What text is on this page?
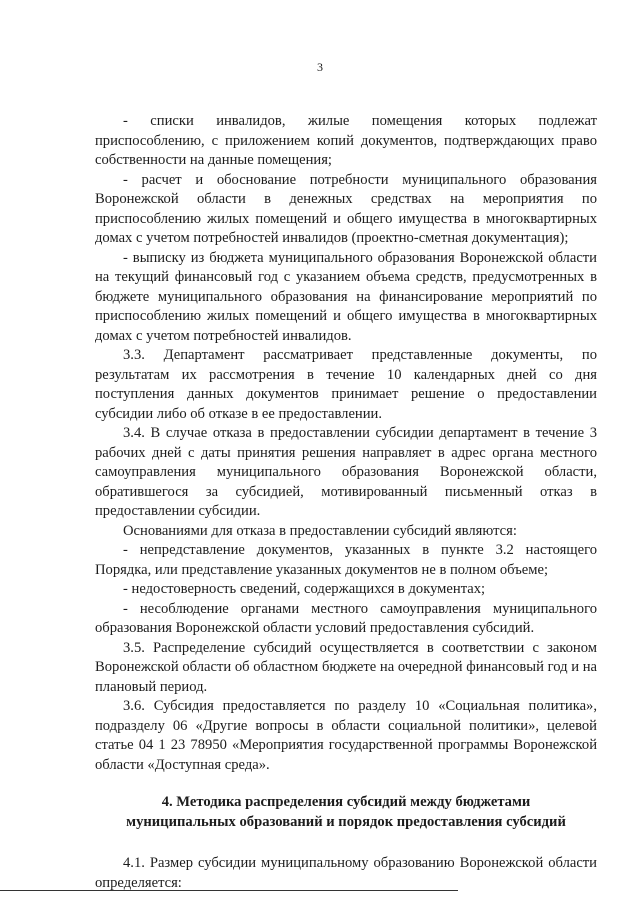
3

- списки инвалидов, жилые помещения которых подлежат приспособлению, с приложением копий документов, подтверждающих право собственности на данные помещения;

- расчет и обоснование потребности муниципального образования Воронежской области в денежных средствах на мероприятия по приспособлению жилых помещений и общего имущества в многоквартирных домах с учетом потребностей инвалидов (проектно-сметная документация);

- выписку из бюджета муниципального образования Воронежской области на текущий финансовый год с указанием объема средств, предусмотренных в бюджете муниципального образования на финансирование мероприятий по приспособлению жилых помещений и общего имущества в многоквартирных домах с учетом потребностей инвалидов.

3.3. Департамент рассматривает представленные документы, по результатам их рассмотрения в течение 10 календарных дней со дня поступления данных документов принимает решение о предоставлении субсидии либо об отказе в ее предоставлении.

3.4. В случае отказа в предоставлении субсидии департамент в течение 3 рабочих дней с даты принятия решения направляет в адрес органа местного самоуправления муниципального образования Воронежской области, обратившегося за субсидией, мотивированный письменный отказ в предоставлении субсидии.

Основаниями для отказа в предоставлении субсидий являются:

- непредставление документов, указанных в пункте 3.2 настоящего Порядка, или представление указанных документов не в полном объеме;

- недостоверность сведений, содержащихся в документах;

- несоблюдение органами местного самоуправления муниципального образования Воронежской области условий предоставления субсидий.

3.5. Распределение субсидий осуществляется в соответствии с законом Воронежской области об областном бюджете на очередной финансовый год и на плановый период.

3.6. Субсидия предоставляется по разделу 10 «Социальная политика», подразделу 06 «Другие вопросы в области социальной политики», целевой статье 04 1 23 78950 «Мероприятия государственной программы Воронежской области «Доступная среда».

4. Методика распределения субсидий между бюджетами
муниципальных образований и порядок предоставления субсидий

4.1. Размер субсидии муниципальному образованию Воронежской области определяется:
